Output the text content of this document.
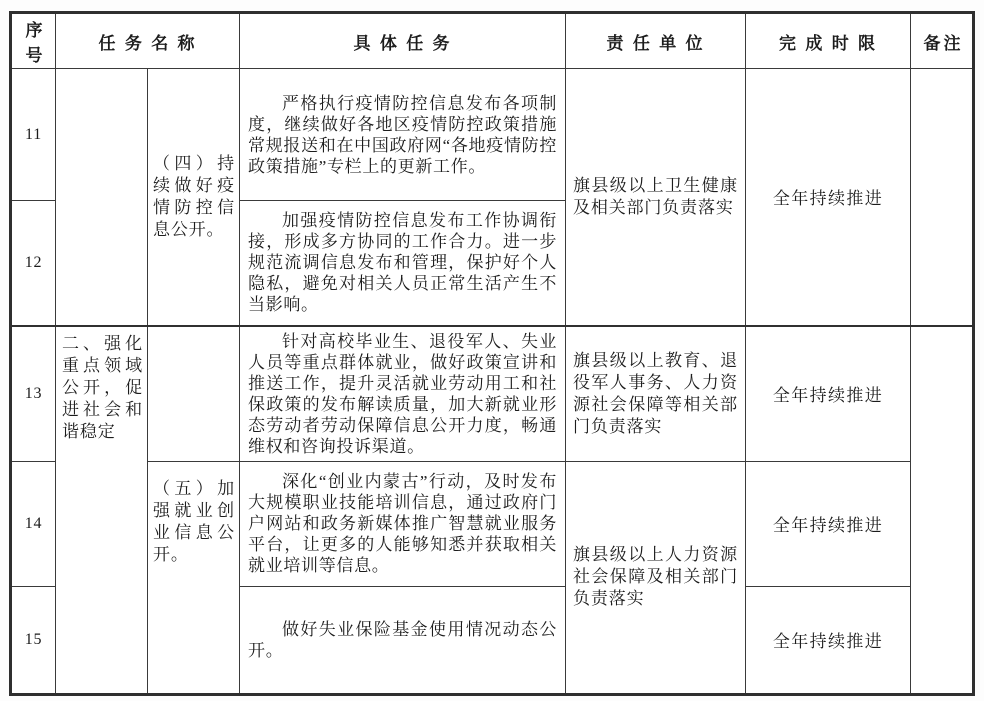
序号	任务名称		具体任务	责任单位	完成时限	备注
11		（四）持续做好疫情防控信息公开。	严格执行疫情防控信息发布各项制度，继续做好各地区疫情防控政策措施常规报送和在中国政府网“各地疫情防控政策措施”专栏上的更新工作。	旗县级以上卫生健康及相关部门负责落实	全年持续推进	
12			加强疫情防控信息发布工作协调衔接，形成多方协同的工作合力。进一步规范流调信息发布和管理，保护好个人隐私，避免对相关人员正常生活产生不当影响。			
13	二、强化重点领域公开，促进社会和谐稳定		针对高校毕业生、退役军人、失业人员等重点群体就业，做好政策宣讲和推送工作，提升灵活就业劳动用工和社保政策的发布解读质量，加大新就业形态劳动者劳动保障信息公开力度，畅通维权和咨询投诉渠道。	旗县级以上教育、退役军人事务、人力资源社会保障等相关部门负责落实	全年持续推进	
14		（五）加强就业创业信息公开。	深化“创业内蒙古”行动，及时发布大规模职业技能培训信息，通过政府门户网站和政务新媒体推广智慧就业服务平台，让更多的人能够知悉并获取相关就业培训等信息。	旗县级以上人力资源社会保障及相关部门负责落实	全年持续推进	
15			做好失业保险基金使用情况动态公开。		全年持续推进	
